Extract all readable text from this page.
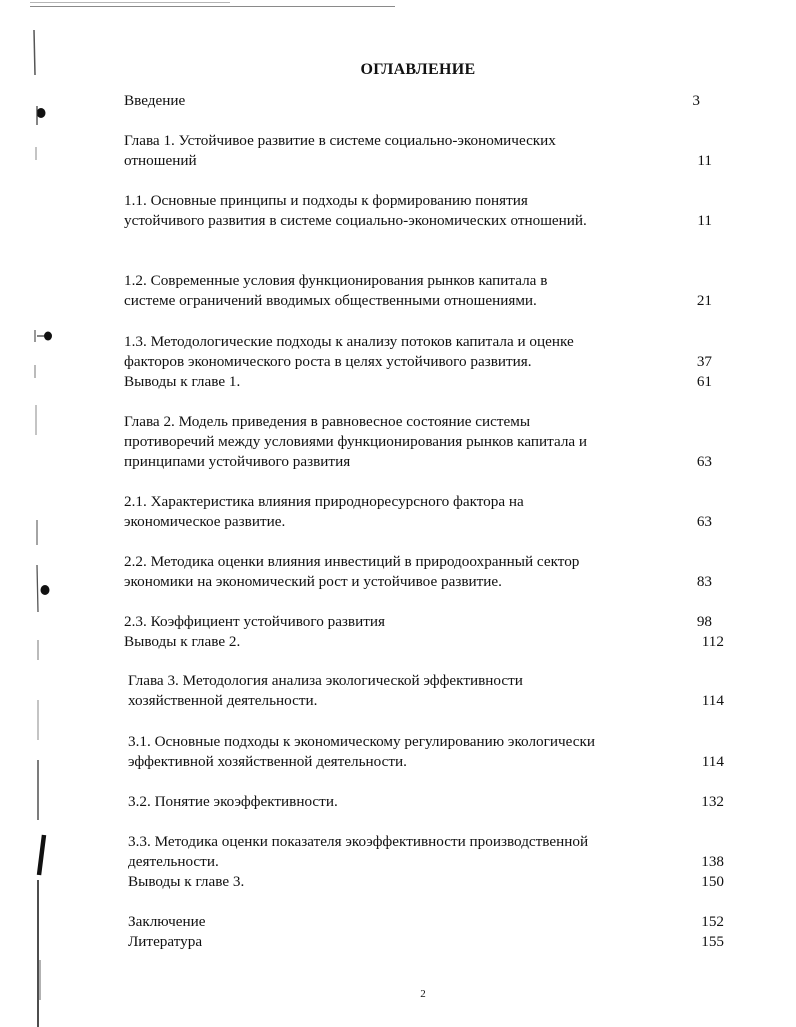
ОГЛАВЛЕНИЕ
Введение	3
Глава 1. Устойчивое развитие в системе социально-экономических
отношений	11
1.1. Основные принципы и подходы к формированию понятия
устойчивого развития в системе социально-экономических отношений.	11
1.2. Современные условия функционирования рынков капитала в
системе ограничений вводимых общественными отношениями.	21
1.3. Методологические подходы к анализу потоков капитала и оценке
факторов экономического роста в целях устойчивого развития.	37
Выводы к главе 1.	61
Глава 2. Модель приведения в равновесное состояние системы
противоречий между условиями функционирования рынков капитала и
принципами устойчивого развития	63
2.1. Характеристика влияния природноресурсного фактора на
экономическое развитие.	63
2.2. Методика оценки влияния инвестиций в природоохранный сектор
экономики на экономический рост и устойчивое развитие.	83
2.3. Коэффициент устойчивого развития	98
Выводы к главе 2.	112
Глава 3. Методология анализа экологической эффективности
хозяйственной деятельности.	114
3.1. Основные подходы к экономическому регулированию экологически
эффективной хозяйственной деятельности.	114
3.2. Понятие экоэффективности.	132
3.3. Методика оценки показателя экоэффективности производственной
деятельности.	138
Выводы к главе 3.	150
Заключение	152
Литература	155
2
